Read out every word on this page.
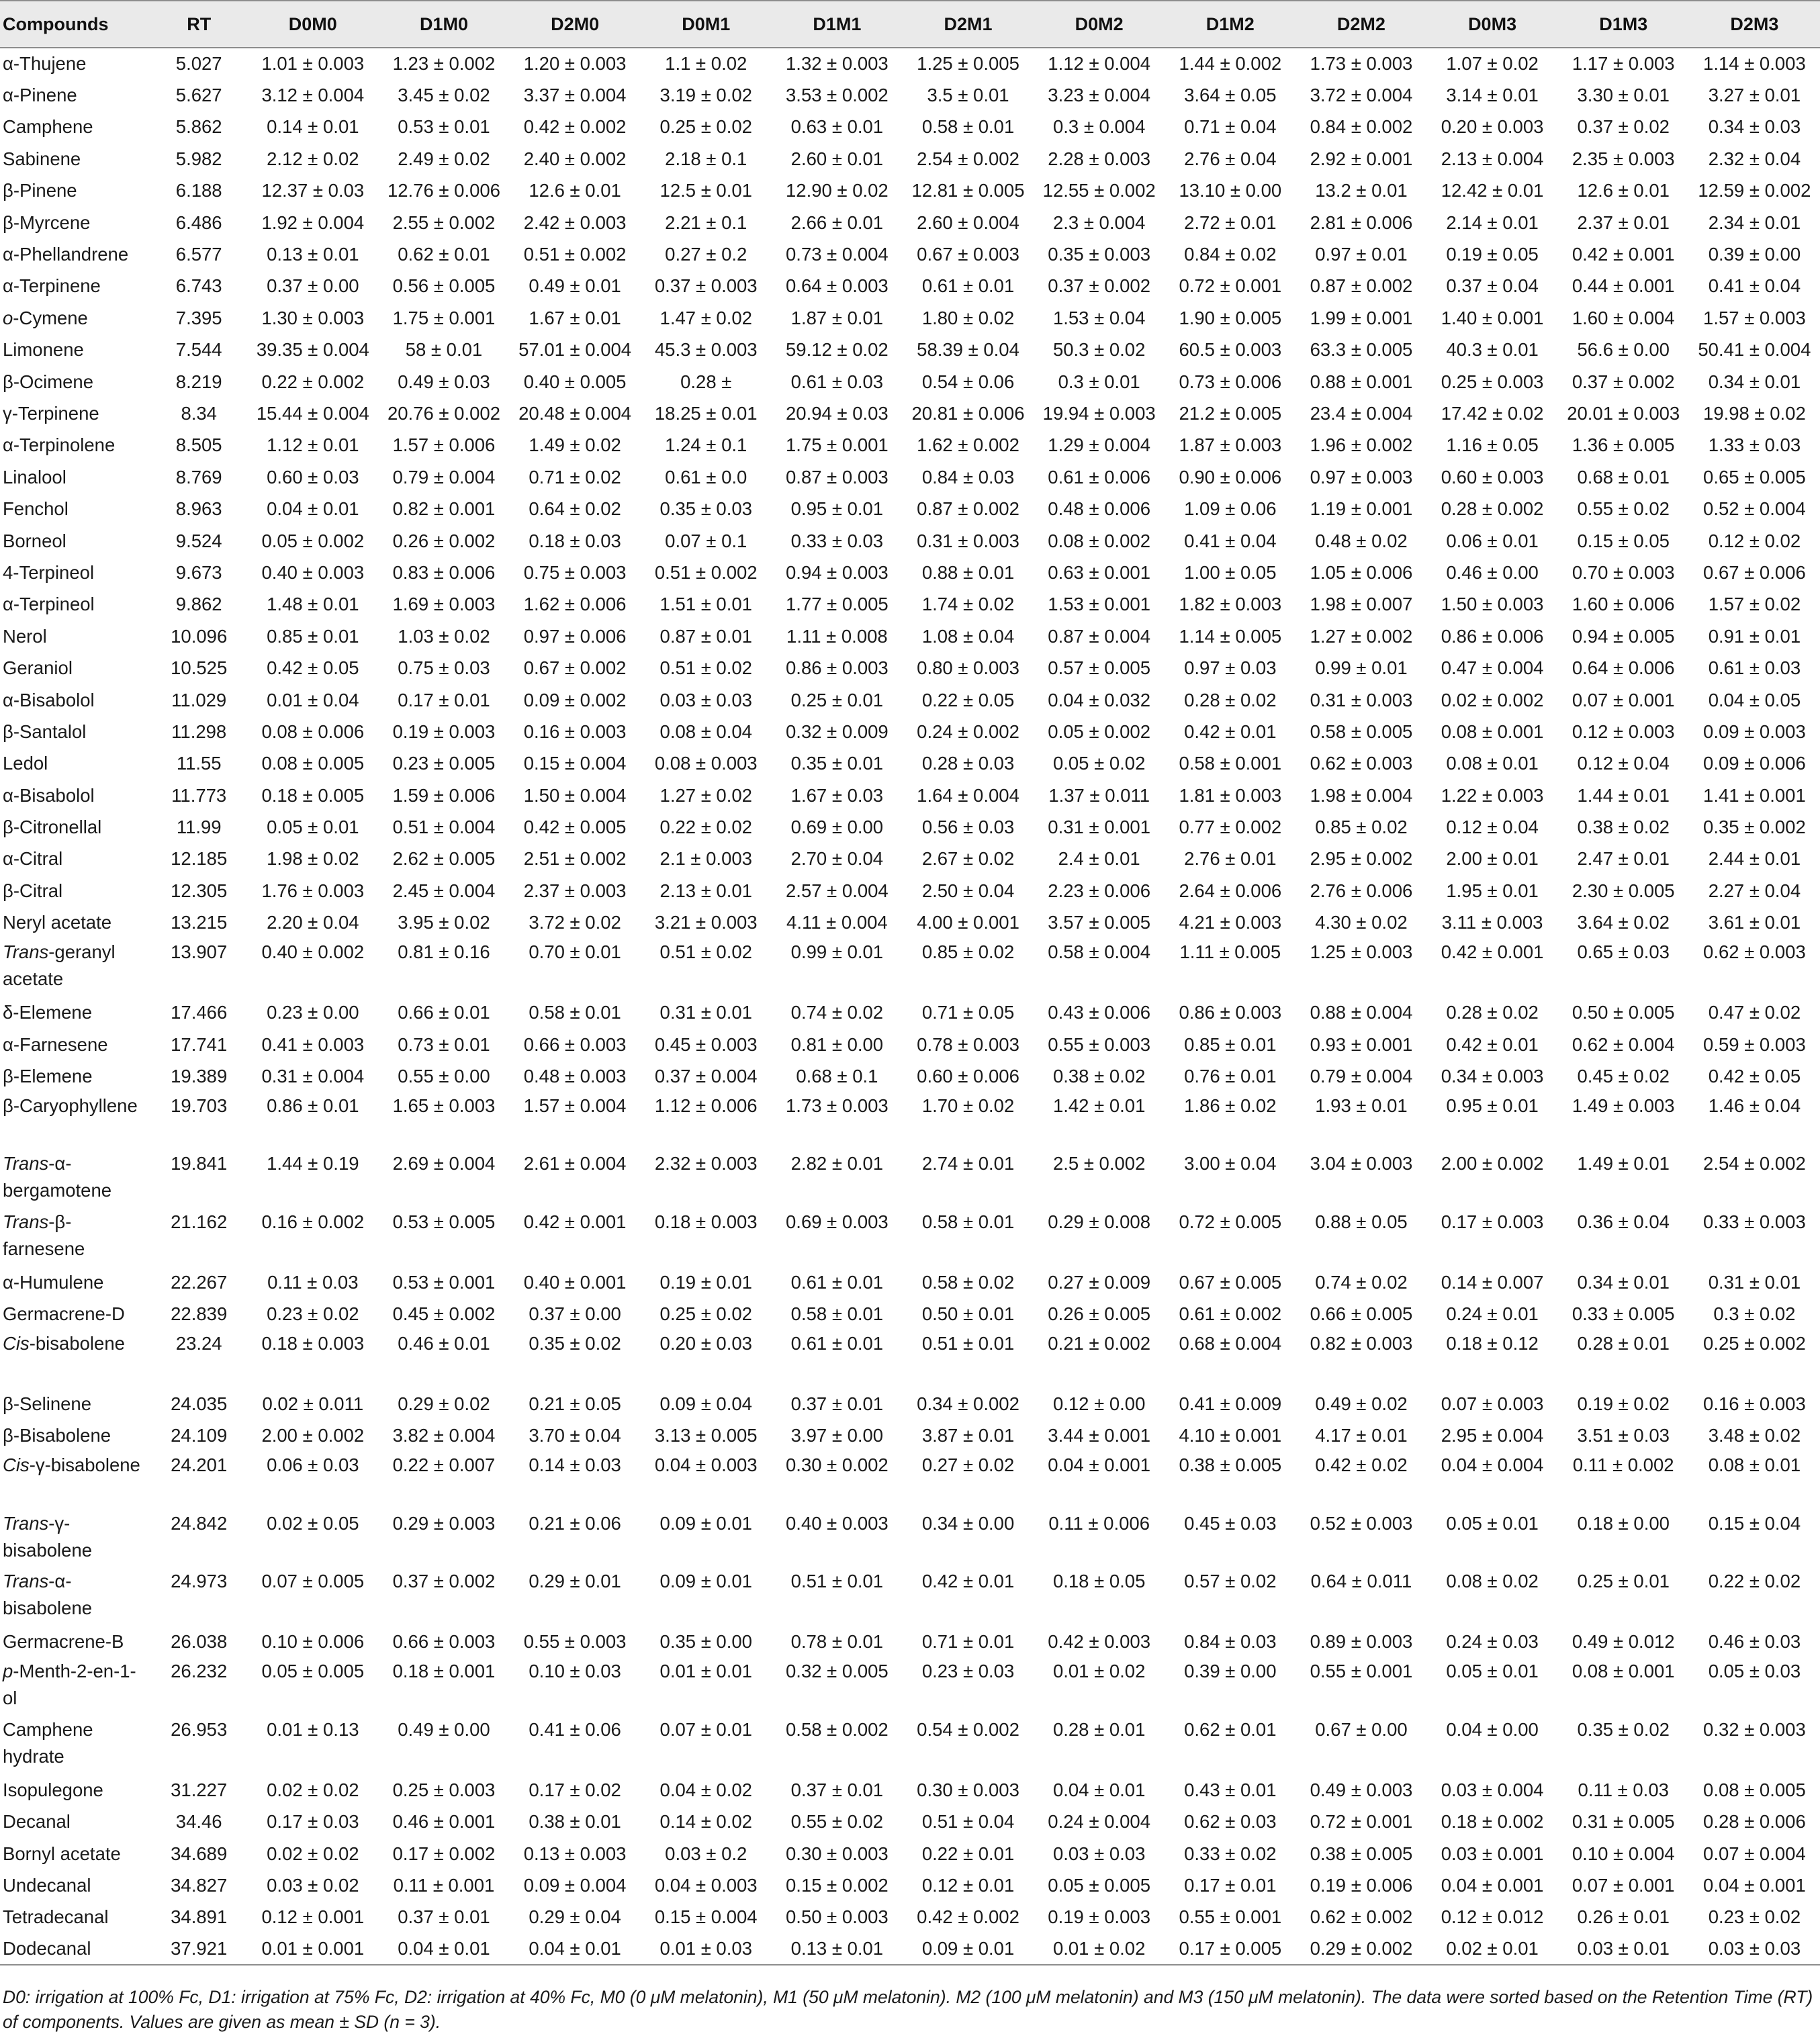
Compounds	RT	D0M0	D1M0	D2M0	D0M1	D1M1	D2M1	D0M2	D1M2	D2M2	D0M3	D1M3	D2M3
α-Thujene	5.027	1.01 ± 0.003	1.23 ± 0.002	1.20 ± 0.003	1.1 ± 0.02	1.32 ± 0.003	1.25 ± 0.005	1.12 ± 0.004	1.44 ± 0.002	1.73 ± 0.003	1.07 ± 0.02	1.17 ± 0.003	1.14 ± 0.003
α-Pinene	5.627	3.12 ± 0.004	3.45 ± 0.02	3.37 ± 0.004	3.19 ± 0.02	3.53 ± 0.002	3.5 ± 0.01	3.23 ± 0.004	3.64 ± 0.05	3.72 ± 0.004	3.14 ± 0.01	3.30 ± 0.01	3.27 ± 0.01
Camphene	5.862	0.14 ± 0.01	0.53 ± 0.01	0.42 ± 0.002	0.25 ± 0.02	0.63 ± 0.01	0.58 ± 0.01	0.3 ± 0.004	0.71 ± 0.04	0.84 ± 0.002	0.20 ± 0.003	0.37 ± 0.02	0.34 ± 0.03
Sabinene	5.982	2.12 ± 0.02	2.49 ± 0.02	2.40 ± 0.002	2.18 ± 0.1	2.60 ± 0.01	2.54 ± 0.002	2.28 ± 0.003	2.76 ± 0.04	2.92 ± 0.001	2.13 ± 0.004	2.35 ± 0.003	2.32 ± 0.04
β-Pinene	6.188	12.37 ± 0.03	12.76 ± 0.006	12.6 ± 0.01	12.5 ± 0.01	12.90 ± 0.02	12.81 ± 0.005	12.55 ± 0.002	13.10 ± 0.00	13.2 ± 0.01	12.42 ± 0.01	12.6 ± 0.01	12.59 ± 0.002
β-Myrcene	6.486	1.92 ± 0.004	2.55 ± 0.002	2.42 ± 0.003	2.21 ± 0.1	2.66 ± 0.01	2.60 ± 0.004	2.3 ± 0.004	2.72 ± 0.01	2.81 ± 0.006	2.14 ± 0.01	2.37 ± 0.01	2.34 ± 0.01
α-Phellandrene	6.577	0.13 ± 0.01	0.62 ± 0.01	0.51 ± 0.002	0.27 ± 0.2	0.73 ± 0.004	0.67 ± 0.003	0.35 ± 0.003	0.84 ± 0.02	0.97 ± 0.01	0.19 ± 0.05	0.42 ± 0.001	0.39 ± 0.00
α-Terpinene	6.743	0.37 ± 0.00	0.56 ± 0.005	0.49 ± 0.01	0.37 ± 0.003	0.64 ± 0.003	0.61 ± 0.01	0.37 ± 0.002	0.72 ± 0.001	0.87 ± 0.002	0.37 ± 0.04	0.44 ± 0.001	0.41 ± 0.04
o-Cymene	7.395	1.30 ± 0.003	1.75 ± 0.001	1.67 ± 0.01	1.47 ± 0.02	1.87 ± 0.01	1.80 ± 0.02	1.53 ± 0.04	1.90 ± 0.005	1.99 ± 0.001	1.40 ± 0.001	1.60 ± 0.004	1.57 ± 0.003
Limonene	7.544	39.35 ± 0.004	58 ± 0.01	57.01 ± 0.004	45.3 ± 0.003	59.12 ± 0.02	58.39 ± 0.04	50.3 ± 0.02	60.5 ± 0.003	63.3 ± 0.005	40.3 ± 0.01	56.6 ± 0.00	50.41 ± 0.004
β-Ocimene	8.219	0.22 ± 0.002	0.49 ± 0.03	0.40 ± 0.005	0.28 ±	0.61 ± 0.03	0.54 ± 0.06	0.3 ± 0.01	0.73 ± 0.006	0.88 ± 0.001	0.25 ± 0.003	0.37 ± 0.002	0.34 ± 0.01
γ-Terpinene	8.34	15.44 ± 0.004	20.76 ± 0.002	20.48 ± 0.004	18.25 ± 0.01	20.94 ± 0.03	20.81 ± 0.006	19.94 ± 0.003	21.2 ± 0.005	23.4 ± 0.004	17.42 ± 0.02	20.01 ± 0.003	19.98 ± 0.02
α-Terpinolene	8.505	1.12 ± 0.01	1.57 ± 0.006	1.49 ± 0.02	1.24 ± 0.1	1.75 ± 0.001	1.62 ± 0.002	1.29 ± 0.004	1.87 ± 0.003	1.96 ± 0.002	1.16 ± 0.05	1.36 ± 0.005	1.33 ± 0.03
Linalool	8.769	0.60 ± 0.03	0.79 ± 0.004	0.71 ± 0.02	0.61 ± 0.0	0.87 ± 0.003	0.84 ± 0.03	0.61 ± 0.006	0.90 ± 0.006	0.97 ± 0.003	0.60 ± 0.003	0.68 ± 0.01	0.65 ± 0.005
Fenchol	8.963	0.04 ± 0.01	0.82 ± 0.001	0.64 ± 0.02	0.35 ± 0.03	0.95 ± 0.01	0.87 ± 0.002	0.48 ± 0.006	1.09 ± 0.06	1.19 ± 0.001	0.28 ± 0.002	0.55 ± 0.02	0.52 ± 0.004
Borneol	9.524	0.05 ± 0.002	0.26 ± 0.002	0.18 ± 0.03	0.07 ± 0.1	0.33 ± 0.03	0.31 ± 0.003	0.08 ± 0.002	0.41 ± 0.04	0.48 ± 0.02	0.06 ± 0.01	0.15 ± 0.05	0.12 ± 0.02
4-Terpineol	9.673	0.40 ± 0.003	0.83 ± 0.006	0.75 ± 0.003	0.51 ± 0.002	0.94 ± 0.003	0.88 ± 0.01	0.63 ± 0.001	1.00 ± 0.05	1.05 ± 0.006	0.46 ± 0.00	0.70 ± 0.003	0.67 ± 0.006
α-Terpineol	9.862	1.48 ± 0.01	1.69 ± 0.003	1.62 ± 0.006	1.51 ± 0.01	1.77 ± 0.005	1.74 ± 0.02	1.53 ± 0.001	1.82 ± 0.003	1.98 ± 0.007	1.50 ± 0.003	1.60 ± 0.006	1.57 ± 0.02
Nerol	10.096	0.85 ± 0.01	1.03 ± 0.02	0.97 ± 0.006	0.87 ± 0.01	1.11 ± 0.008	1.08 ± 0.04	0.87 ± 0.004	1.14 ± 0.005	1.27 ± 0.002	0.86 ± 0.006	0.94 ± 0.005	0.91 ± 0.01
Geraniol	10.525	0.42 ± 0.05	0.75 ± 0.03	0.67 ± 0.002	0.51 ± 0.02	0.86 ± 0.003	0.80 ± 0.003	0.57 ± 0.005	0.97 ± 0.03	0.99 ± 0.01	0.47 ± 0.004	0.64 ± 0.006	0.61 ± 0.03
α-Bisabolol	11.029	0.01 ± 0.04	0.17 ± 0.01	0.09 ± 0.002	0.03 ± 0.03	0.25 ± 0.01	0.22 ± 0.05	0.04 ± 0.032	0.28 ± 0.02	0.31 ± 0.003	0.02 ± 0.002	0.07 ± 0.001	0.04 ± 0.05
β-Santalol	11.298	0.08 ± 0.006	0.19 ± 0.003	0.16 ± 0.003	0.08 ± 0.04	0.32 ± 0.009	0.24 ± 0.002	0.05 ± 0.002	0.42 ± 0.01	0.58 ± 0.005	0.08 ± 0.001	0.12 ± 0.003	0.09 ± 0.003
Ledol	11.55	0.08 ± 0.005	0.23 ± 0.005	0.15 ± 0.004	0.08 ± 0.003	0.35 ± 0.01	0.28 ± 0.03	0.05 ± 0.02	0.58 ± 0.001	0.62 ± 0.003	0.08 ± 0.01	0.12 ± 0.04	0.09 ± 0.006
α-Bisabolol	11.773	0.18 ± 0.005	1.59 ± 0.006	1.50 ± 0.004	1.27 ± 0.02	1.67 ± 0.03	1.64 ± 0.004	1.37 ± 0.011	1.81 ± 0.003	1.98 ± 0.004	1.22 ± 0.003	1.44 ± 0.01	1.41 ± 0.001
β-Citronellal	11.99	0.05 ± 0.01	0.51 ± 0.004	0.42 ± 0.005	0.22 ± 0.02	0.69 ± 0.00	0.56 ± 0.03	0.31 ± 0.001	0.77 ± 0.002	0.85 ± 0.02	0.12 ± 0.04	0.38 ± 0.02	0.35 ± 0.002
α-Citral	12.185	1.98 ± 0.02	2.62 ± 0.005	2.51 ± 0.002	2.1 ± 0.003	2.70 ± 0.04	2.67 ± 0.02	2.4 ± 0.01	2.76 ± 0.01	2.95 ± 0.002	2.00 ± 0.01	2.47 ± 0.01	2.44 ± 0.01
β-Citral	12.305	1.76 ± 0.003	2.45 ± 0.004	2.37 ± 0.003	2.13 ± 0.01	2.57 ± 0.004	2.50 ± 0.04	2.23 ± 0.006	2.64 ± 0.006	2.76 ± 0.006	1.95 ± 0.01	2.30 ± 0.005	2.27 ± 0.04
Neryl acetate	13.215	2.20 ± 0.04	3.95 ± 0.02	3.72 ± 0.02	3.21 ± 0.003	4.11 ± 0.004	4.00 ± 0.001	3.57 ± 0.005	4.21 ± 0.003	4.30 ± 0.02	3.11 ± 0.003	3.64 ± 0.02	3.61 ± 0.01
Trans-geranyl acetate	13.907	0.40 ± 0.002	0.81 ± 0.16	0.70 ± 0.01	0.51 ± 0.02	0.99 ± 0.01	0.85 ± 0.02	0.58 ± 0.004	1.11 ± 0.005	1.25 ± 0.003	0.42 ± 0.001	0.65 ± 0.03	0.62 ± 0.003
δ-Elemene	17.466	0.23 ± 0.00	0.66 ± 0.01	0.58 ± 0.01	0.31 ± 0.01	0.74 ± 0.02	0.71 ± 0.05	0.43 ± 0.006	0.86 ± 0.003	0.88 ± 0.004	0.28 ± 0.02	0.50 ± 0.005	0.47 ± 0.02
α-Farnesene	17.741	0.41 ± 0.003	0.73 ± 0.01	0.66 ± 0.003	0.45 ± 0.003	0.81 ± 0.00	0.78 ± 0.003	0.55 ± 0.003	0.85 ± 0.01	0.93 ± 0.001	0.42 ± 0.01	0.62 ± 0.004	0.59 ± 0.003
β-Elemene	19.389	0.31 ± 0.004	0.55 ± 0.00	0.48 ± 0.003	0.37 ± 0.004	0.68 ± 0.1	0.60 ± 0.006	0.38 ± 0.02	0.76 ± 0.01	0.79 ± 0.004	0.34 ± 0.003	0.45 ± 0.02	0.42 ± 0.05
β-Caryophyllene	19.703	0.86 ± 0.01	1.65 ± 0.003	1.57 ± 0.004	1.12 ± 0.006	1.73 ± 0.003	1.70 ± 0.02	1.42 ± 0.01	1.86 ± 0.02	1.93 ± 0.01	0.95 ± 0.01	1.49 ± 0.003	1.46 ± 0.04
Trans-α-bergamotene	19.841	1.44 ± 0.19	2.69 ± 0.004	2.61 ± 0.004	2.32 ± 0.003	2.82 ± 0.01	2.74 ± 0.01	2.5 ± 0.002	3.00 ± 0.04	3.04 ± 0.003	2.00 ± 0.002	1.49 ± 0.01	2.54 ± 0.002
Trans-β-farnesene	21.162	0.16 ± 0.002	0.53 ± 0.005	0.42 ± 0.001	0.18 ± 0.003	0.69 ± 0.003	0.58 ± 0.01	0.29 ± 0.008	0.72 ± 0.005	0.88 ± 0.05	0.17 ± 0.003	0.36 ± 0.04	0.33 ± 0.003
α-Humulene	22.267	0.11 ± 0.03	0.53 ± 0.001	0.40 ± 0.001	0.19 ± 0.01	0.61 ± 0.01	0.58 ± 0.02	0.27 ± 0.009	0.67 ± 0.005	0.74 ± 0.02	0.14 ± 0.007	0.34 ± 0.01	0.31 ± 0.01
Germacrene-D	22.839	0.23 ± 0.02	0.45 ± 0.002	0.37 ± 0.00	0.25 ± 0.02	0.58 ± 0.01	0.50 ± 0.01	0.26 ± 0.005	0.61 ± 0.002	0.66 ± 0.005	0.24 ± 0.01	0.33 ± 0.005	0.3 ± 0.02
Cis-bisabolene	23.24	0.18 ± 0.003	0.46 ± 0.01	0.35 ± 0.02	0.20 ± 0.03	0.61 ± 0.01	0.51 ± 0.01	0.21 ± 0.002	0.68 ± 0.004	0.82 ± 0.003	0.18 ± 0.12	0.28 ± 0.01	0.25 ± 0.002
β-Selinene	24.035	0.02 ± 0.011	0.29 ± 0.02	0.21 ± 0.05	0.09 ± 0.04	0.37 ± 0.01	0.34 ± 0.002	0.12 ± 0.00	0.41 ± 0.009	0.49 ± 0.02	0.07 ± 0.003	0.19 ± 0.02	0.16 ± 0.003
β-Bisabolene	24.109	2.00 ± 0.002	3.82 ± 0.004	3.70 ± 0.04	3.13 ± 0.005	3.97 ± 0.00	3.87 ± 0.01	3.44 ± 0.001	4.10 ± 0.001	4.17 ± 0.01	2.95 ± 0.004	3.51 ± 0.03	3.48 ± 0.02
Cis-γ-bisabolene	24.201	0.06 ± 0.03	0.22 ± 0.007	0.14 ± 0.03	0.04 ± 0.003	0.30 ± 0.002	0.27 ± 0.02	0.04 ± 0.001	0.38 ± 0.005	0.42 ± 0.02	0.04 ± 0.004	0.11 ± 0.002	0.08 ± 0.01
Trans-γ-bisabolene	24.842	0.02 ± 0.05	0.29 ± 0.003	0.21 ± 0.06	0.09 ± 0.01	0.40 ± 0.003	0.34 ± 0.00	0.11 ± 0.006	0.45 ± 0.03	0.52 ± 0.003	0.05 ± 0.01	0.18 ± 0.00	0.15 ± 0.04
Trans-α-bisabolene	24.973	0.07 ± 0.005	0.37 ± 0.002	0.29 ± 0.01	0.09 ± 0.01	0.51 ± 0.01	0.42 ± 0.01	0.18 ± 0.05	0.57 ± 0.02	0.64 ± 0.011	0.08 ± 0.02	0.25 ± 0.01	0.22 ± 0.02
Germacrene-B	26.038	0.10 ± 0.006	0.66 ± 0.003	0.55 ± 0.003	0.35 ± 0.00	0.78 ± 0.01	0.71 ± 0.01	0.42 ± 0.003	0.84 ± 0.03	0.89 ± 0.003	0.24 ± 0.03	0.49 ± 0.012	0.46 ± 0.03
p-Menth-2-en-1-ol	26.232	0.05 ± 0.005	0.18 ± 0.001	0.10 ± 0.03	0.01 ± 0.01	0.32 ± 0.005	0.23 ± 0.03	0.01 ± 0.02	0.39 ± 0.00	0.55 ± 0.001	0.05 ± 0.01	0.08 ± 0.001	0.05 ± 0.03
Camphene hydrate	26.953	0.01 ± 0.13	0.49 ± 0.00	0.41 ± 0.06	0.07 ± 0.01	0.58 ± 0.002	0.54 ± 0.002	0.28 ± 0.01	0.62 ± 0.01	0.67 ± 0.00	0.04 ± 0.00	0.35 ± 0.02	0.32 ± 0.003
Isopulegone	31.227	0.02 ± 0.02	0.25 ± 0.003	0.17 ± 0.02	0.04 ± 0.02	0.37 ± 0.01	0.30 ± 0.003	0.04 ± 0.01	0.43 ± 0.01	0.49 ± 0.003	0.03 ± 0.004	0.11 ± 0.03	0.08 ± 0.005
Decanal	34.46	0.17 ± 0.03	0.46 ± 0.001	0.38 ± 0.01	0.14 ± 0.02	0.55 ± 0.02	0.51 ± 0.04	0.24 ± 0.004	0.62 ± 0.03	0.72 ± 0.001	0.18 ± 0.002	0.31 ± 0.005	0.28 ± 0.006
Bornyl acetate	34.689	0.02 ± 0.02	0.17 ± 0.002	0.13 ± 0.003	0.03 ± 0.2	0.30 ± 0.003	0.22 ± 0.01	0.03 ± 0.03	0.33 ± 0.02	0.38 ± 0.005	0.03 ± 0.001	0.10 ± 0.004	0.07 ± 0.004
Undecanal	34.827	0.03 ± 0.02	0.11 ± 0.001	0.09 ± 0.004	0.04 ± 0.003	0.15 ± 0.002	0.12 ± 0.01	0.05 ± 0.005	0.17 ± 0.01	0.19 ± 0.006	0.04 ± 0.001	0.07 ± 0.001	0.04 ± 0.001
Tetradecanal	34.891	0.12 ± 0.001	0.37 ± 0.01	0.29 ± 0.04	0.15 ± 0.004	0.50 ± 0.003	0.42 ± 0.002	0.19 ± 0.003	0.55 ± 0.001	0.62 ± 0.002	0.12 ± 0.012	0.26 ± 0.01	0.23 ± 0.02
Dodecanal	37.921	0.01 ± 0.001	0.04 ± 0.01	0.04 ± 0.01	0.01 ± 0.03	0.13 ± 0.01	0.09 ± 0.01	0.01 ± 0.02	0.17 ± 0.005	0.29 ± 0.002	0.02 ± 0.01	0.03 ± 0.01	0.03 ± 0.03
D0: irrigation at 100% Fc, D1: irrigation at 75% Fc, D2: irrigation at 40% Fc, M0 (0 μM melatonin), M1 (50 μM melatonin). M2 (100 μM melatonin) and M3 (150 μM melatonin). The data were sorted based on the Retention Time (RT) of components. Values are given as mean ± SD (n = 3).
